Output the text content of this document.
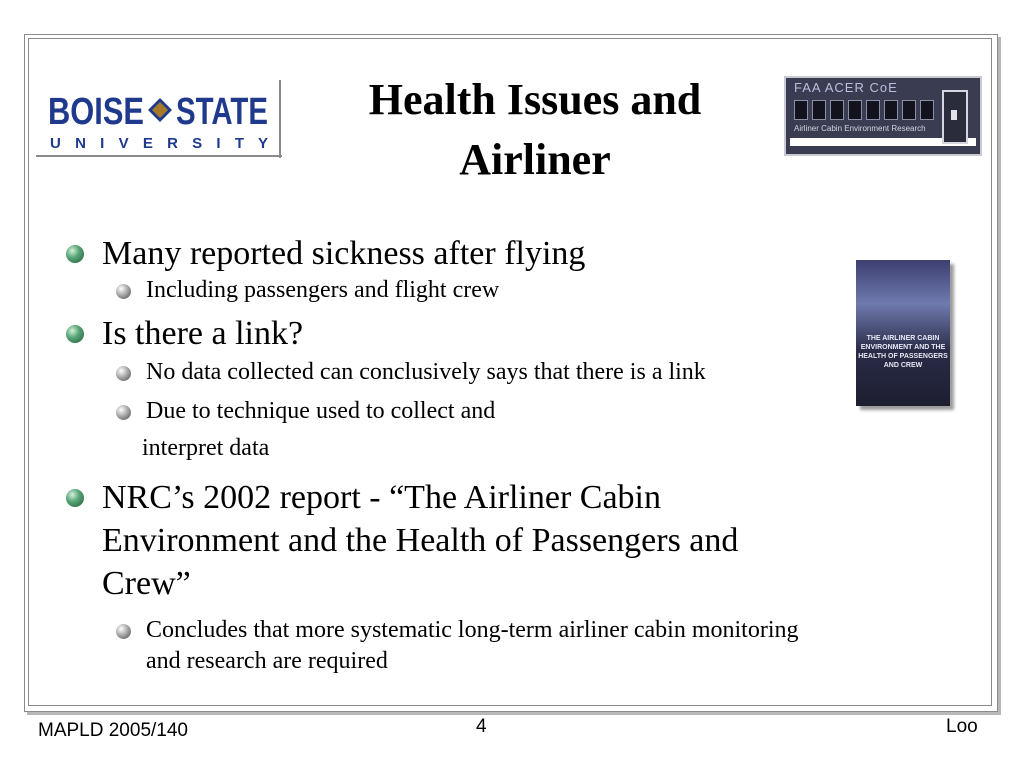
BOISE STATE
U N I V E R S I T Y
Health Issues and
Airliner
FAA ACER CoE
Airliner Cabin Environment Research
THE AIRLINER CABIN ENVIRONMENT AND THE HEALTH OF PASSENGERS AND CREW
Many reported sickness after flying
Including passengers and flight crew
Is there a link?
No data collected can conclusively says that there is a link
Due to technique used to collect and
interpret data
NRC’s 2002 report - “The Airliner Cabin
Environment and the Health of Passengers and
Crew”
Concludes that more systematic long-term airliner cabin monitoring
and research are required
MAPLD 2005/140	4	Loo
